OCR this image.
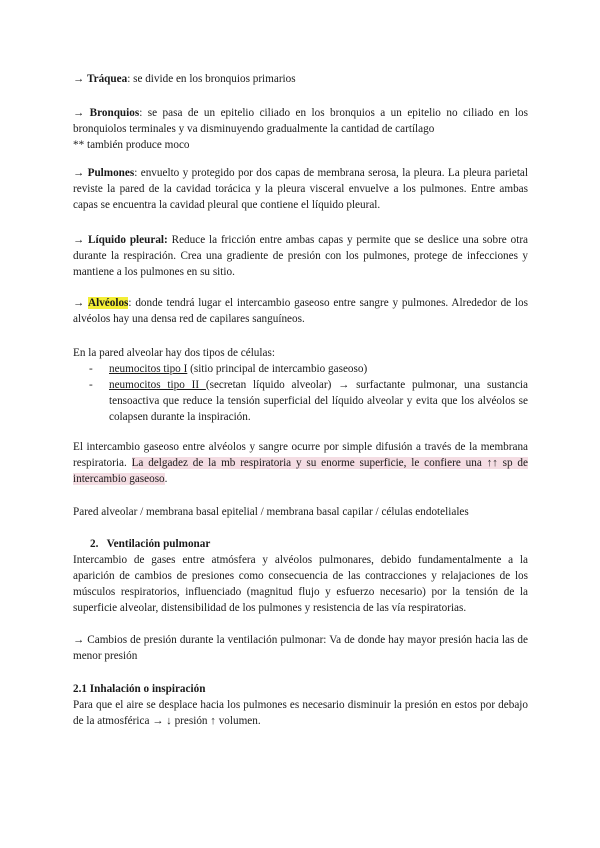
→ Tráquea: se divide en los bronquios primarios

→ Bronquios: se pasa de un epitelio ciliado en los bronquios a un epitelio no ciliado en los bronquiolos terminales y va disminuyendo gradualmente la cantidad de cartílago

** también produce moco

→ Pulmones: envuelto y protegido por dos capas de membrana serosa, la pleura. La pleura parietal reviste la pared de la cavidad torácica y la pleura visceral envuelve a los pulmones. Entre ambas capas se encuentra la cavidad pleural que contiene el líquido pleural.

→ Líquido pleural: Reduce la fricción entre ambas capas y permite que se deslice una sobre otra durante la respiración. Crea una gradiente de presión con los pulmones, protege de infecciones y mantiene a los pulmones en su sitio.

→ Alvéolos: donde tendrá lugar el intercambio gaseoso entre sangre y pulmones. Alrededor de los alvéolos hay una densa red de capilares sanguíneos.

En la pared alveolar hay dos tipos de células:

- neumocitos tipo I (sitio principal de intercambio gaseoso)
- neumocitos tipo II (secretan líquido alveolar) → surfactante pulmonar, una sustancia tensoactiva que reduce la tensión superficial del líquido alveolar y evita que los alvéolos se colapsen durante la inspiración.

El intercambio gaseoso entre alvéolos y sangre ocurre por simple difusión a través de la membrana respiratoria. La delgadez de la mb respiratoria y su enorme superficie, le confiere una ↑↑ sp de intercambio gaseoso.

Pared alveolar / membrana basal epitelial / membrana basal capilar / células endoteliales

2. Ventilación pulmonar

Intercambio de gases entre atmósfera y alvéolos pulmonares, debido fundamentalmente a la aparición de cambios de presiones como consecuencia de las contracciones y relajaciones de los músculos respiratorios, influenciado (magnitud flujo y esfuerzo necesario) por la tensión de la superficie alveolar, distensibilidad de los pulmones y resistencia de las vía respiratorias.

→ Cambios de presión durante la ventilación pulmonar: Va de donde hay mayor presión hacia las de menor presión

2.1 Inhalación o inspiración

Para que el aire se desplace hacia los pulmones es necesario disminuir la presión en estos por debajo de la atmosférica → ↓ presión ↑ volumen.
